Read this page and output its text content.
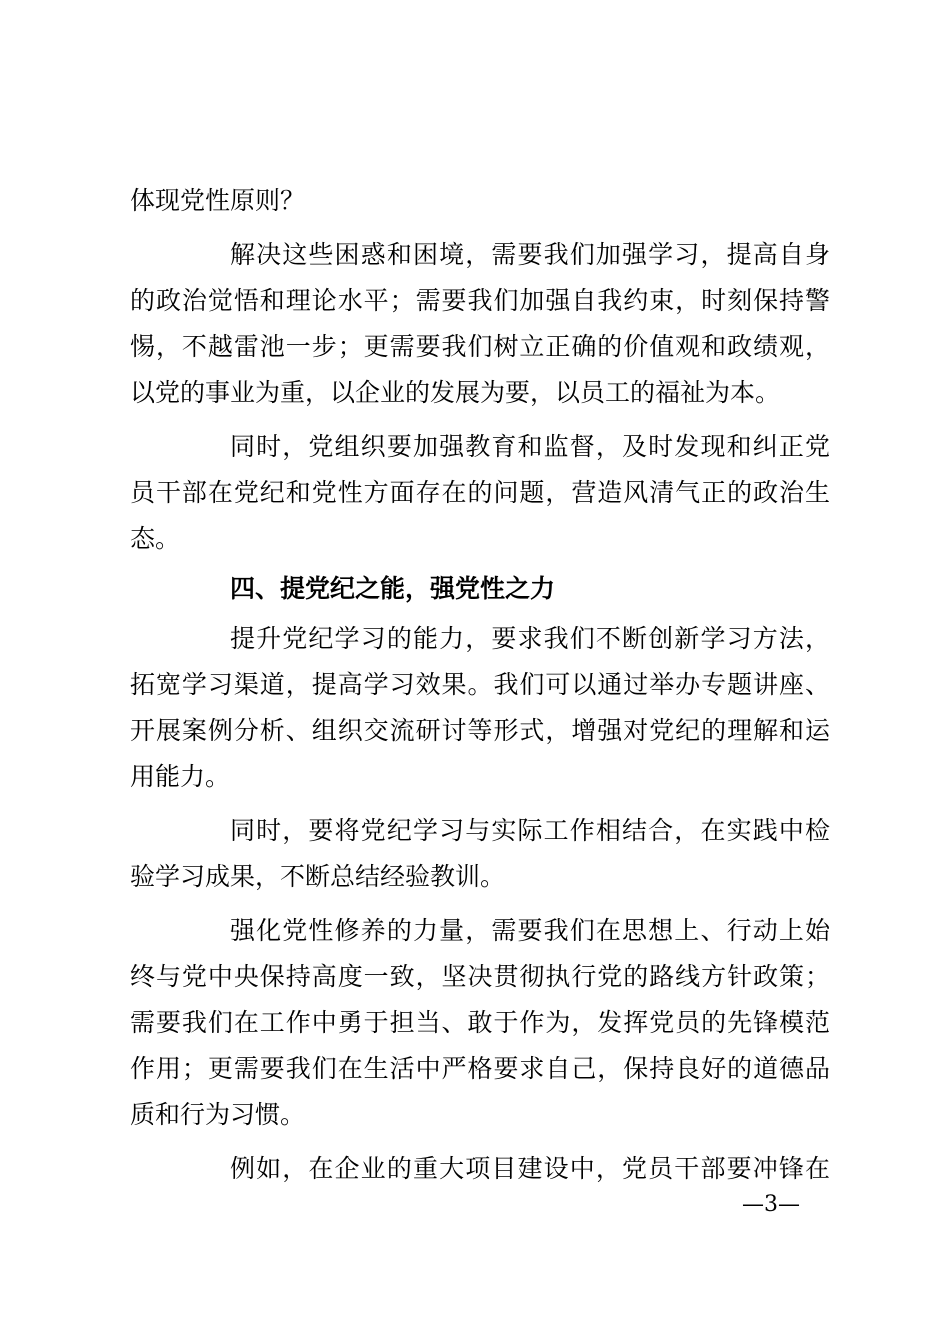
体现党性原则？
解决这些困惑和困境，需要我们加强学习，提高自身
的政治觉悟和理论水平；需要我们加强自我约束，时刻保持警
惕，不越雷池一步；更需要我们树立正确的价值观和政绩观，
以党的事业为重，以企业的发展为要，以员工的福祉为本。
同时，党组织要加强教育和监督，及时发现和纠正党
员干部在党纪和党性方面存在的问题，营造风清气正的政治生
态。
四、提党纪之能，强党性之力
提升党纪学习的能力，要求我们不断创新学习方法，
拓宽学习渠道，提高学习效果。我们可以通过举办专题讲座、
开展案例分析、组织交流研讨等形式，增强对党纪的理解和运
用能力。
同时，要将党纪学习与实际工作相结合，在实践中检
验学习成果，不断总结经验教训。
强化党性修养的力量，需要我们在思想上、行动上始
终与党中央保持高度一致，坚决贯彻执行党的路线方针政策；
需要我们在工作中勇于担当、敢于作为，发挥党员的先锋模范
作用；更需要我们在生活中严格要求自己，保持良好的道德品
质和行为习惯。
例如，在企业的重大项目建设中，党员干部要冲锋在
—3—
